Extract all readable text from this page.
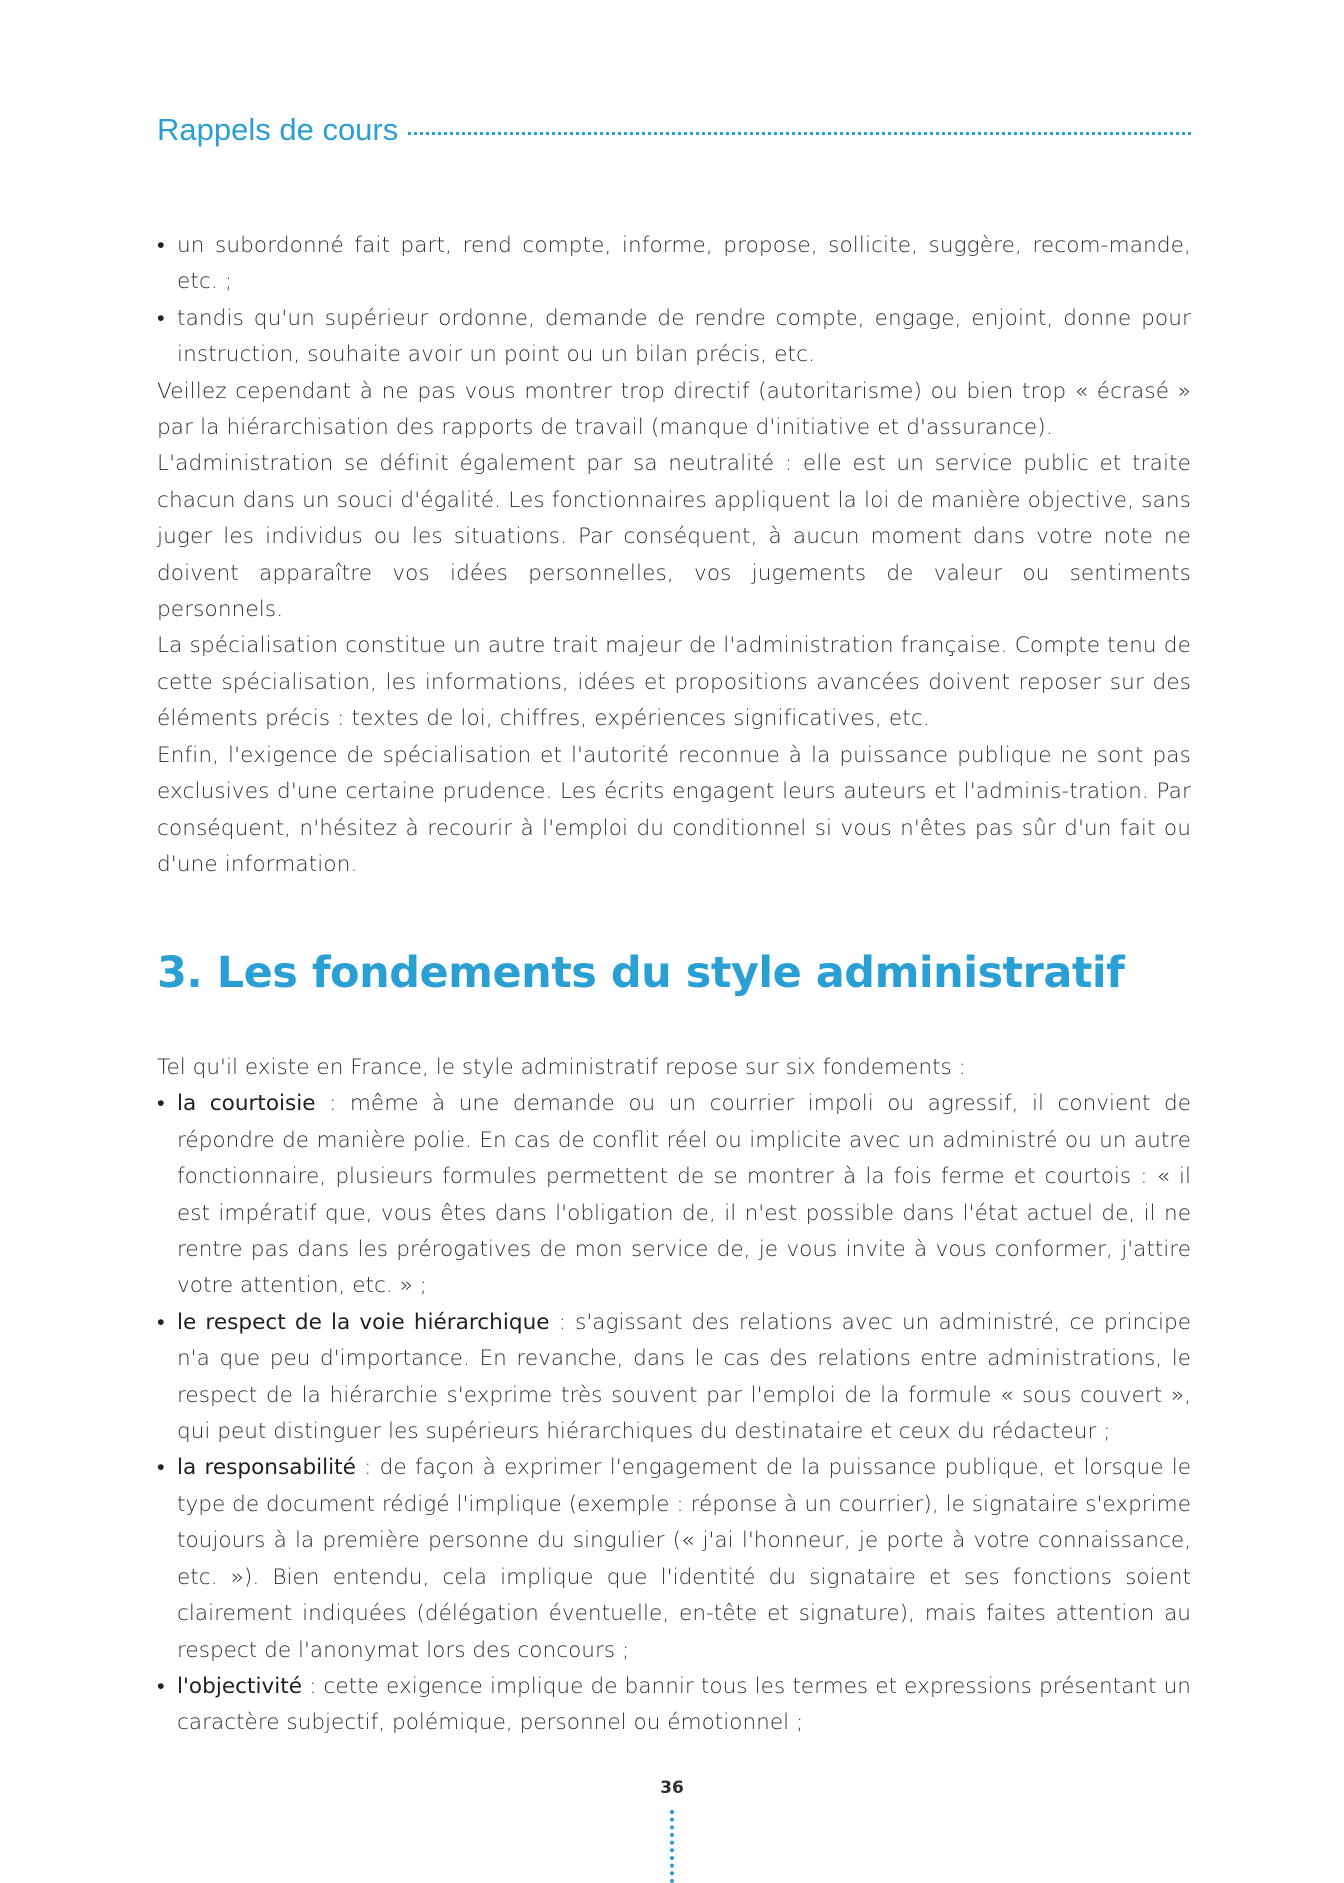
Rappels de cours
• un subordonné fait part, rend compte, informe, propose, sollicite, suggère, recom-mande, etc. ;
• tandis qu'un supérieur ordonne, demande de rendre compte, engage, enjoint, donne pour instruction, souhaite avoir un point ou un bilan précis, etc.

Veillez cependant à ne pas vous montrer trop directif (autoritarisme) ou bien trop « écrasé » par la hiérarchisation des rapports de travail (manque d'initiative et d'assurance).

L'administration se définit également par sa neutralité : elle est un service public et traite chacun dans un souci d'égalité. Les fonctionnaires appliquent la loi de manière objective, sans juger les individus ou les situations. Par conséquent, à aucun moment dans votre note ne doivent apparaître vos idées personnelles, vos jugements de valeur ou sentiments personnels.

La spécialisation constitue un autre trait majeur de l'administration française. Compte tenu de cette spécialisation, les informations, idées et propositions avancées doivent reposer sur des éléments précis : textes de loi, chiffres, expériences significatives, etc.

Enfin, l'exigence de spécialisation et l'autorité reconnue à la puissance publique ne sont pas exclusives d'une certaine prudence. Les écrits engagent leurs auteurs et l'adminis-tration. Par conséquent, n'hésitez à recourir à l'emploi du conditionnel si vous n'êtes pas sûr d'un fait ou d'une information.

3. Les fondements du style administratif

Tel qu'il existe en France, le style administratif repose sur six fondements :

• la courtoisie : même à une demande ou un courrier impoli ou agressif, il convient de répondre de manière polie. En cas de conflit réel ou implicite avec un administré ou un autre fonctionnaire, plusieurs formules permettent de se montrer à la fois ferme et courtois : « il est impératif que, vous êtes dans l'obligation de, il n'est possible dans l'état actuel de, il ne rentre pas dans les prérogatives de mon service de, je vous invite à vous conformer, j'attire votre attention, etc. » ;
• le respect de la voie hiérarchique : s'agissant des relations avec un administré, ce principe n'a que peu d'importance. En revanche, dans le cas des relations entre administrations, le respect de la hiérarchie s'exprime très souvent par l'emploi de la formule « sous couvert », qui peut distinguer les supérieurs hiérarchiques du destinataire et ceux du rédacteur ;
• la responsabilité : de façon à exprimer l'engagement de la puissance publique, et lorsque le type de document rédigé l'implique (exemple : réponse à un courrier), le signataire s'exprime toujours à la première personne du singulier (« j'ai l'honneur, je porte à votre connaissance, etc. »). Bien entendu, cela implique que l'identité du signataire et ses fonctions soient clairement indiquées (délégation éventuelle, en-tête et signature), mais faites attention au respect de l'anonymat lors des concours ;
• l'objectivité : cette exigence implique de bannir tous les termes et expressions présentant un caractère subjectif, polémique, personnel ou émotionnel ;
36
